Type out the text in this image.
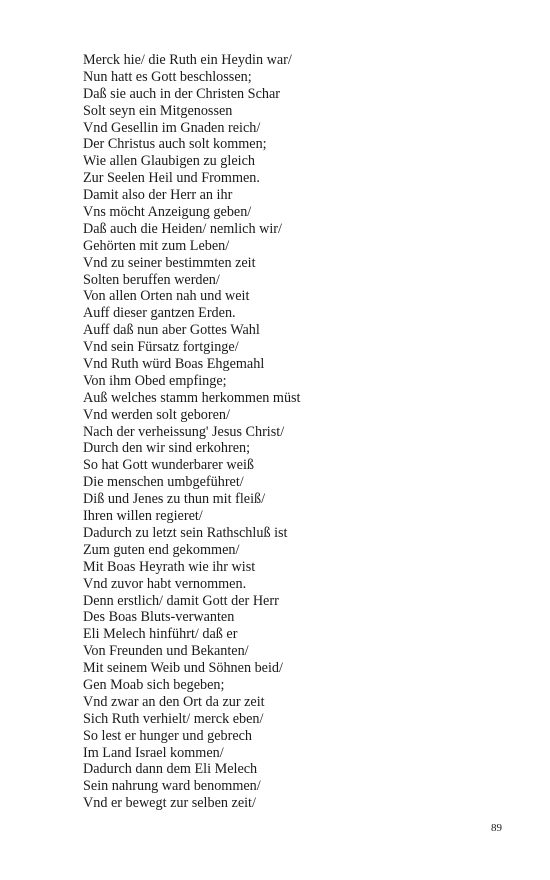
Merck hie/ die Ruth ein Heydin war/
Nun hatt es Gott beschlossen;
Daß sie auch in der Christen Schar
Solt seyn ein Mitgenossen
Vnd Gesellin im Gnaden reich/
Der Christus auch solt kommen;
Wie allen Glaubigen zu gleich
Zur Seelen Heil und Frommen.
Damit also der Herr an ihr
Vns möcht Anzeigung geben/
Daß auch die Heiden/ nemlich wir/
Gehörten mit zum Leben/
Vnd zu seiner bestimmten zeit
Solten beruffen werden/
Von allen Orten nah und weit
Auff dieser gantzen Erden.
Auff daß nun aber Gottes Wahl
Vnd sein Fürsatz fortginge/
Vnd Ruth würd Boas Ehgemahl
Von ihm Obed empfinge;
Auß welches stamm herkommen müst
Vnd werden solt geboren/
Nach der verheissung' Jesus Christ/
Durch den wir sind erkohren;
So hat Gott wunderbarer weiß
Die menschen umbgeführet/
Diß und Jenes zu thun mit fleiß/
Ihren willen regieret/
Dadurch zu letzt sein Rathschluß ist
Zum guten end gekommen/
Mit Boas Heyrath wie ihr wist
Vnd zuvor habt vernommen.
Denn erstlich/ damit Gott der Herr
Des Boas Bluts-verwanten
Eli Melech hinführt/ daß er
Von Freunden und Bekanten/
Mit seinem Weib und Söhnen beid/
Gen Moab sich begeben;
Vnd zwar an den Ort da zur zeit
Sich Ruth verhielt/ merck eben/
So lest er hunger und gebrech
Im Land Israel kommen/
Dadurch dann dem Eli Melech
Sein nahrung ward benommen/
Vnd er bewegt zur selben zeit/
89
